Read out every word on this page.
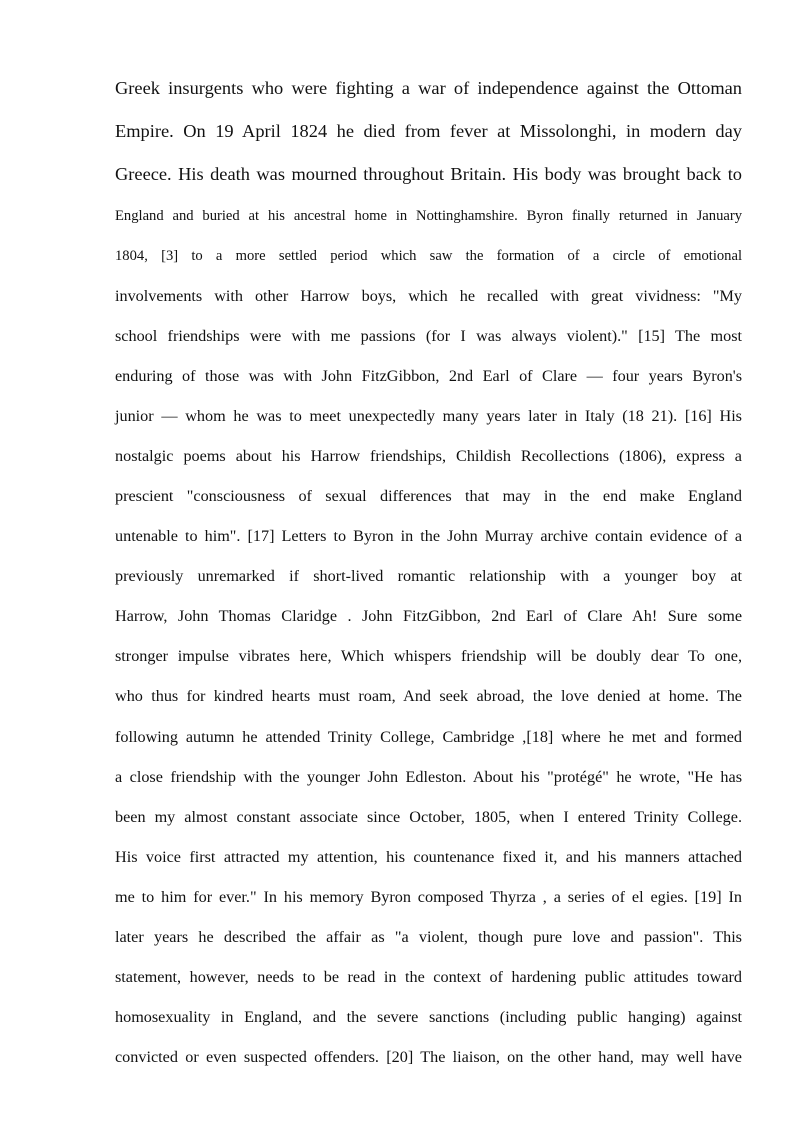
Greek insurgents who were fighting a war of independence against the Ottoman
Empire. On 19 April 1824 he died from fever at Missolonghi, in modern day
Greece. His death was mourned throughout Britain. His body was brought back to
England and buried at his ancestral home in Nottinghamshire. Byron finally returned in January
1804, [3] to a more settled period which saw the formation of a circle of emotional
involvements with other Harrow boys, which he recalled with great vividness: "My
school friendships were with me passions (for I was always violent)." [15] The most
enduring of those was with John FitzGibbon, 2nd Earl of Clare — four years Byron's
junior — whom he was to meet unexpectedly many years later in Italy (18 21). [16] His
nostalgic poems about his Harrow friendships, Childish Recollections (1806), express a
prescient "consciousness of sexual differences that may in the end make England
untenable to him". [17] Letters to Byron in the John Murray archive contain evidence of a
previously unremarked if short-lived romantic relationship with a younger boy at
Harrow, John Thomas Claridge . John FitzGibbon, 2nd Earl of Clare Ah! Sure some
stronger impulse vibrates here, Which whispers friendship will be doubly dear To one,
who thus for kindred hearts must roam, And seek abroad, the love denied at home. The
following autumn he attended Trinity College, Cambridge ,[18] where he met and formed
a close friendship with the younger John Edleston. About his "protégé" he wrote, "He has
been my almost constant associate since October, 1805, when I entered Trinity College.
His voice first attracted my attention, his countenance fixed it, and his manners attached
me to him for ever." In his memory Byron composed Thyrza , a series of el egies. [19] In
later years he described the affair as "a violent, though pure love and passion". This
statement, however, needs to be read in the context of hardening public attitudes toward
homosexuality in England, and the severe sanctions (including public hanging) against
convicted or even suspected offenders. [20] The liaison, on the other hand, may well have
